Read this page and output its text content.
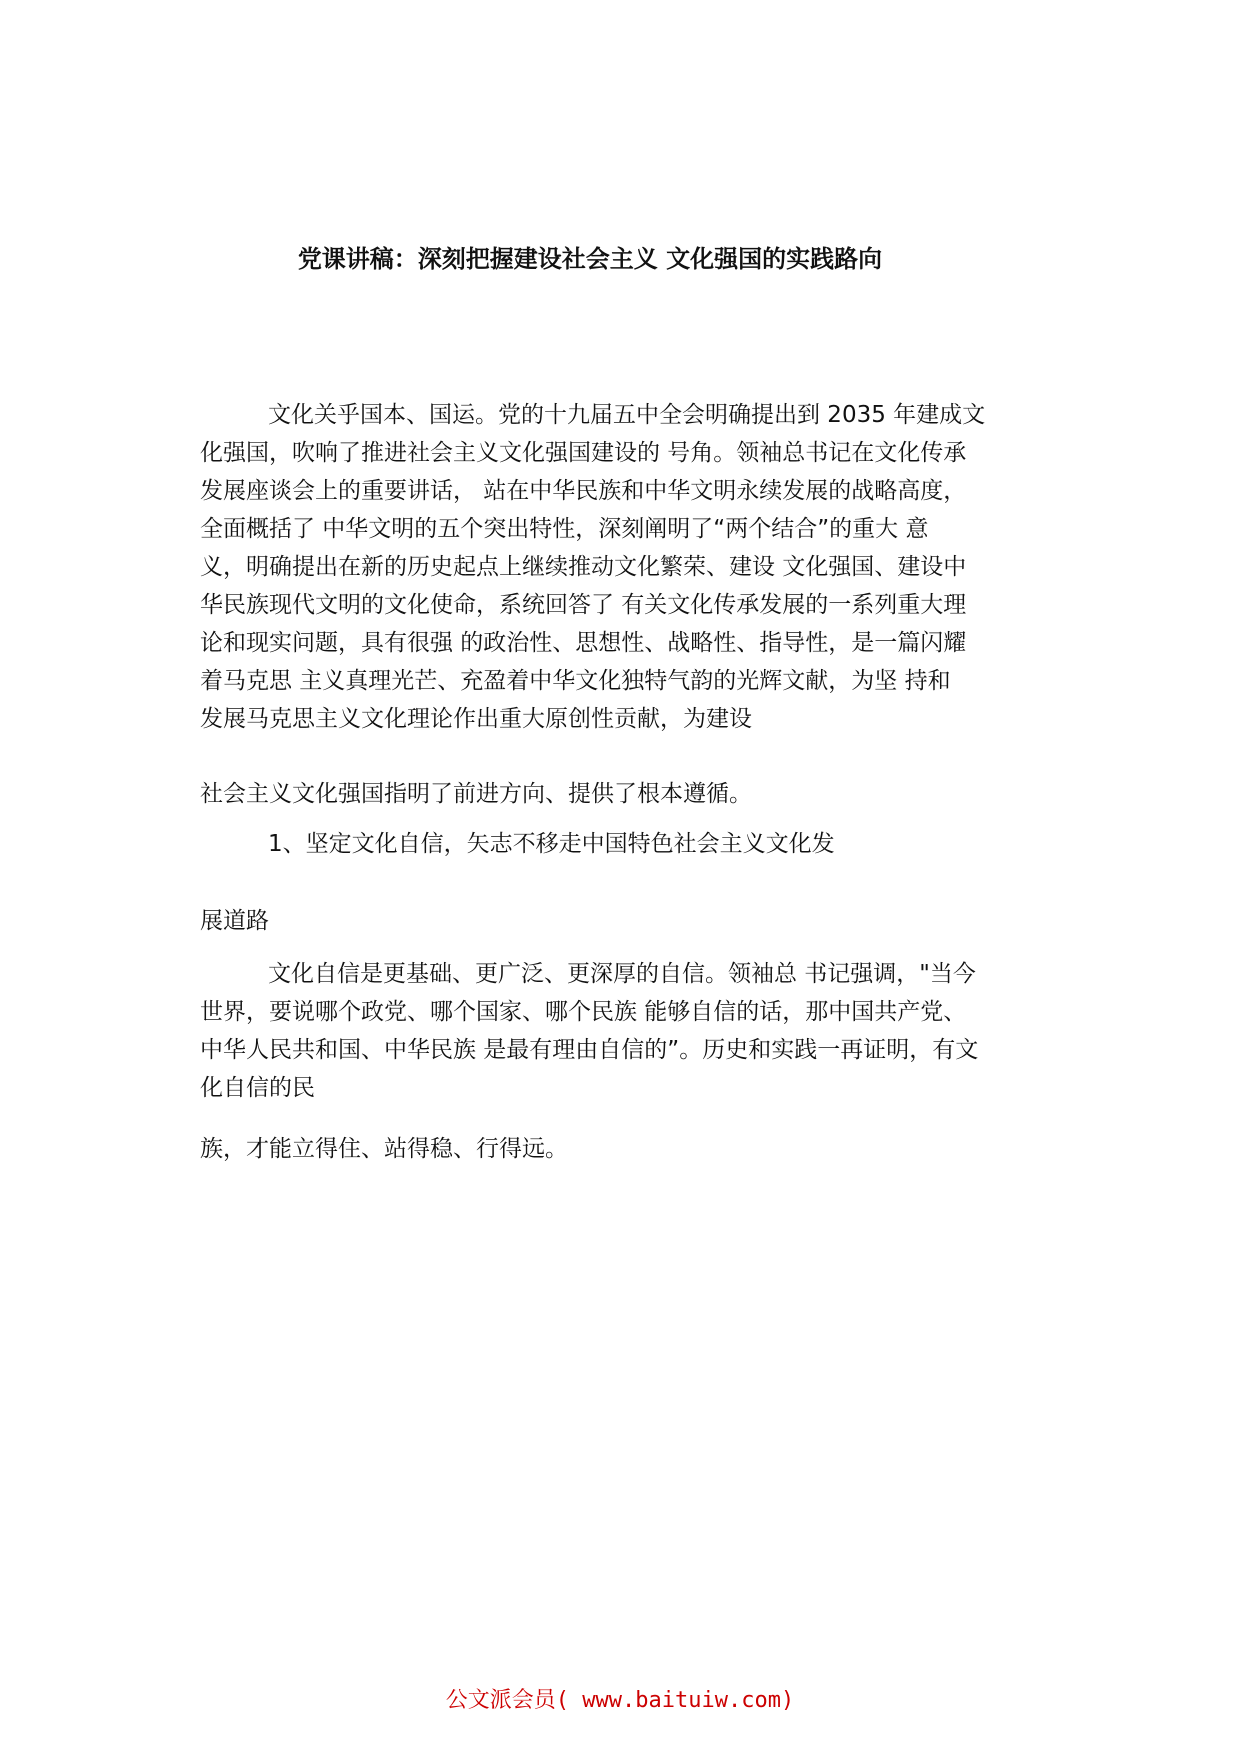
党课讲稿：深刻把握建设社会主义 文化强国的实践路向
文化关乎国本、国运。党的十九届五中全会明确提出到 2035 年建成文
化强国，吹响了推进社会主义文化强国建设的 号角。领袖总书记在文化传承
发展座谈会上的重要讲话， 站在中华民族和中华文明永续发展的战略高度，
全面概括了 中华文明的五个突出特性，深刻阐明了“两个结合”的重大 意
义，明确提出在新的历史起点上继续推动文化繁荣、建设 文化强国、建设中
华民族现代文明的文化使命，系统回答了 有关文化传承发展的一系列重大理
论和现实问题，具有很强 的政治性、思想性、战略性、指导性，是一篇闪耀
着马克思 主义真理光芒、充盈着中华文化独特气韵的光辉文献，为坚 持和
发展马克思主义文化理论作出重大原创性贡献，为建设
社会主义文化强国指明了前进方向、提供了根本遵循。
1、坚定文化自信，矢志不移走中国特色社会主义文化发
展道路
文化自信是更基础、更广泛、更深厚的自信。领袖总 书记强调，"当今
世界，要说哪个政党、哪个国家、哪个民族 能够自信的话，那中国共产党、
中华人民共和国、中华民族 是最有理由自信的”。历史和实践一再证明，有文
化自信的民
族，才能立得住、站得稳、行得远。
公文派会员( www.baituiw.com)
